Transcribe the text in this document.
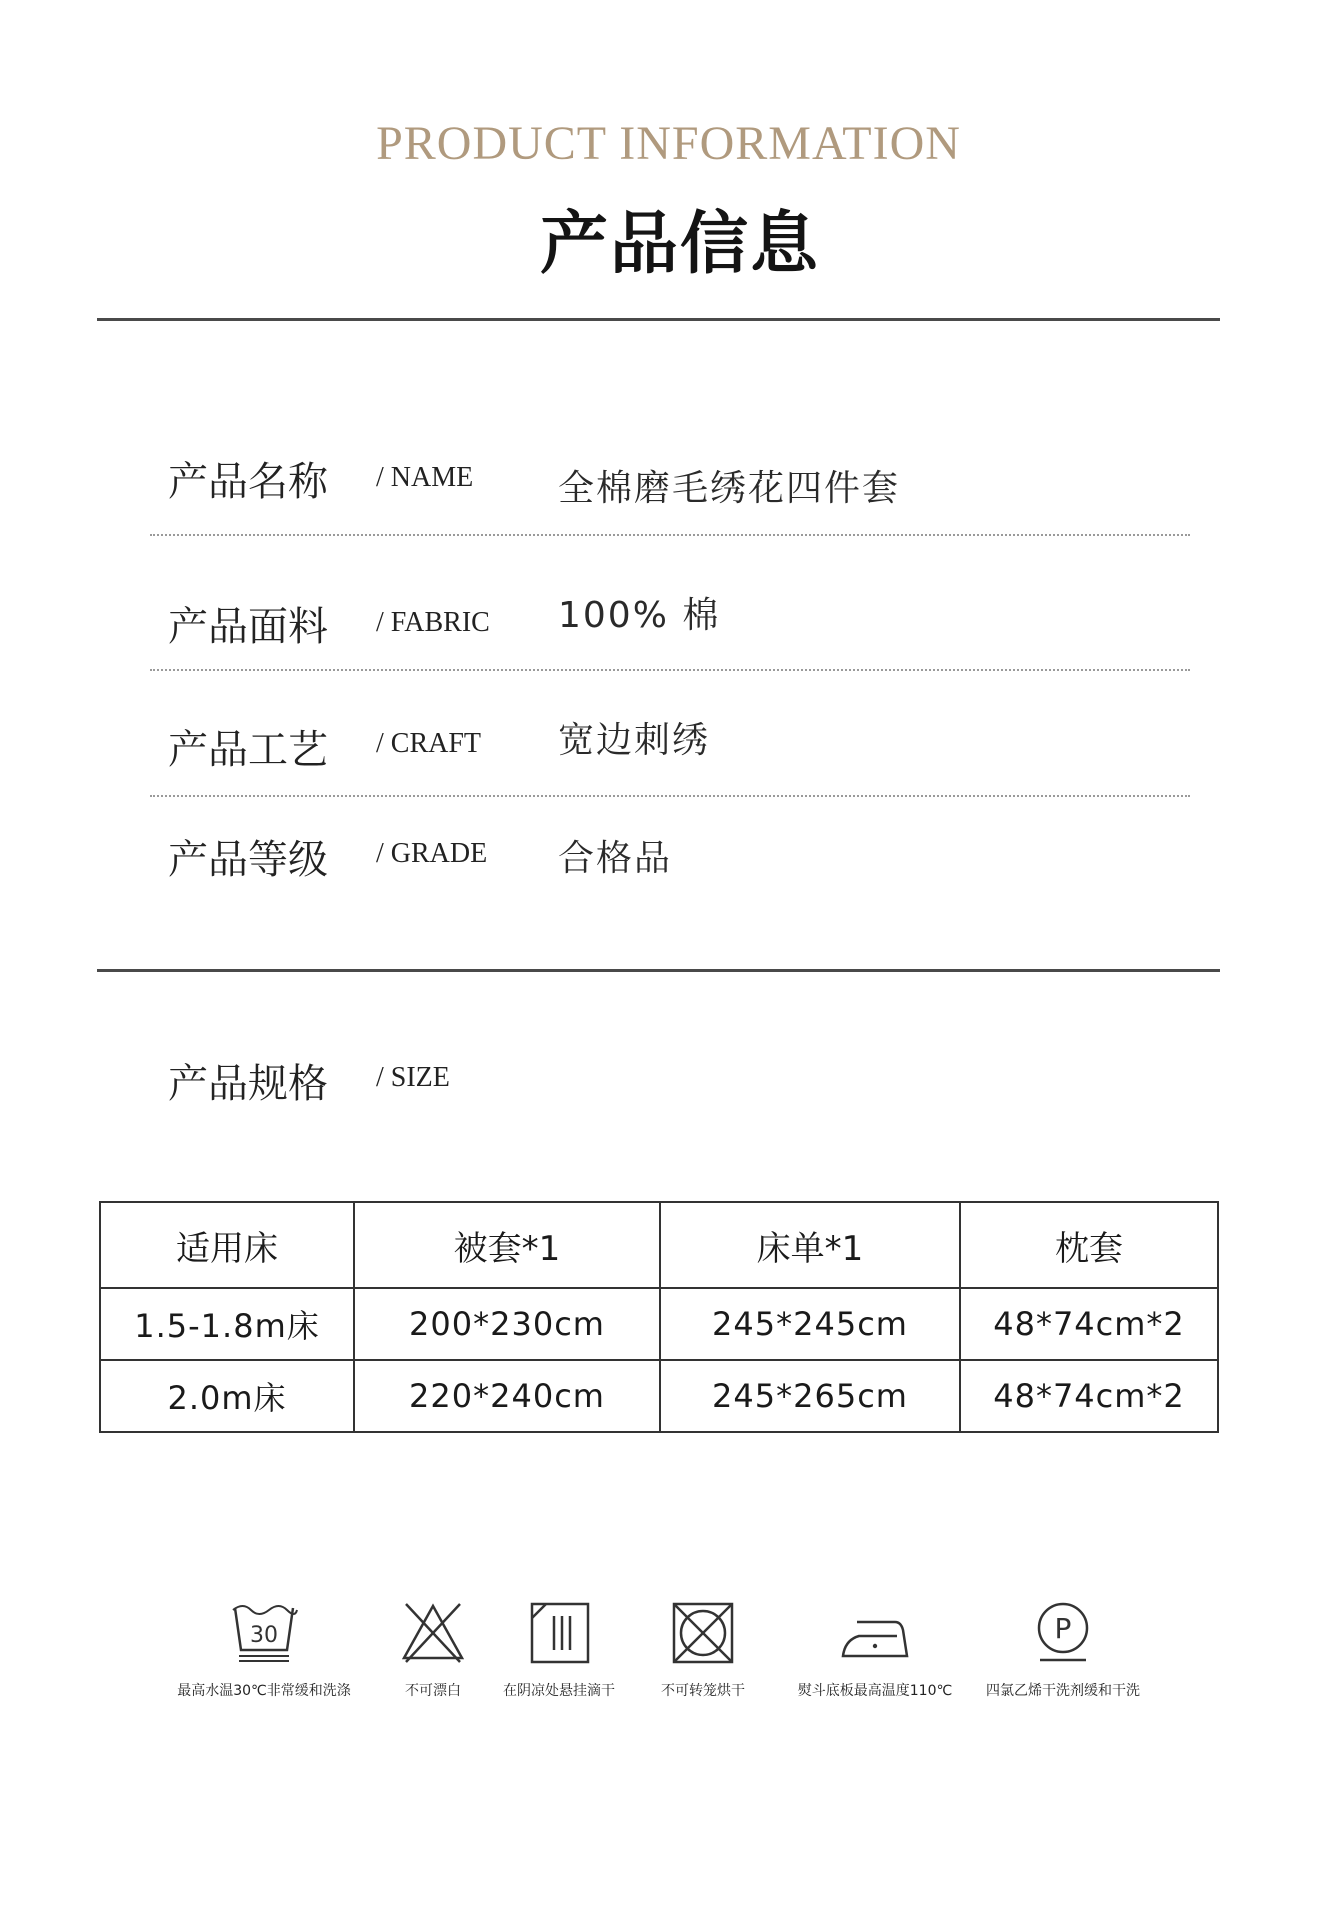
PRODUCT INFORMATION
产品信息
产品名称 / NAME 全棉磨毛绣花四件套
产品面料 / FABRIC 100% 棉
产品工艺 / CRAFT 宽边刺绣
产品等级 / GRADE 合格品
产品规格 / SIZE
适用床	被套*1	床单*1	枕套
1.5-1.8m床	200*230cm	245*245cm	48*74cm*2
2.0m床	220*240cm	245*265cm	48*74cm*2
30
最高水温30℃非常缓和洗涤	不可漂白	在阴凉处悬挂滴干	不可转笼烘干	熨斗底板最高温度110℃
P
四氯乙烯干洗剂缓和干洗
